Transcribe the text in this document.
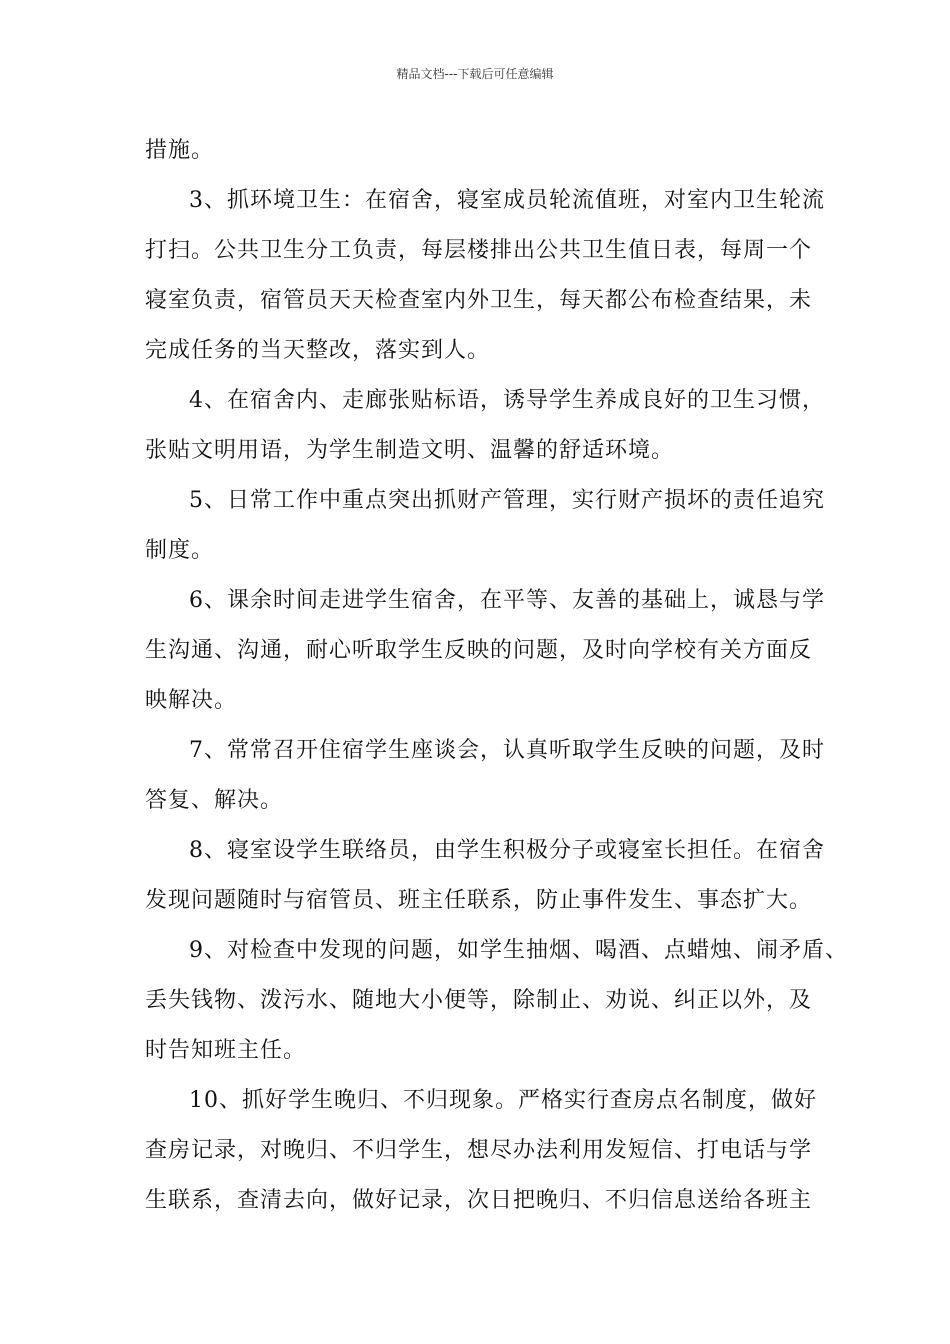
精品文档---下载后可任意编辑
措施。
3、抓环境卫生：在宿舍，寝室成员轮流值班，对室内卫生轮流
打扫。公共卫生分工负责，每层楼排出公共卫生值日表，每周一个
寝室负责，宿管员天天检查室内外卫生，每天都公布检查结果，未
完成任务的当天整改，落实到人。
4、在宿舍内、走廊张贴标语，诱导学生养成良好的卫生习惯，
张贴文明用语，为学生制造文明、温馨的舒适环境。
5、日常工作中重点突出抓财产管理，实行财产损坏的责任追究
制度。
6、课余时间走进学生宿舍，在平等、友善的基础上，诚恳与学
生沟通、沟通，耐心听取学生反映的问题，及时向学校有关方面反
映解决。
7、常常召开住宿学生座谈会，认真听取学生反映的问题，及时
答复、解决。
8、寝室设学生联络员，由学生积极分子或寝室长担任。在宿舍
发现问题随时与宿管员、班主任联系，防止事件发生、事态扩大。
9、对检查中发现的问题，如学生抽烟、喝酒、点蜡烛、闹矛盾、
丢失钱物、泼污水、随地大小便等，除制止、劝说、纠正以外，及
时告知班主任。
10、抓好学生晚归、不归现象。严格实行查房点名制度，做好
查房记录，对晚归、不归学生，想尽办法利用发短信、打电话与学
生联系，查清去向，做好记录，次日把晚归、不归信息送给各班主
